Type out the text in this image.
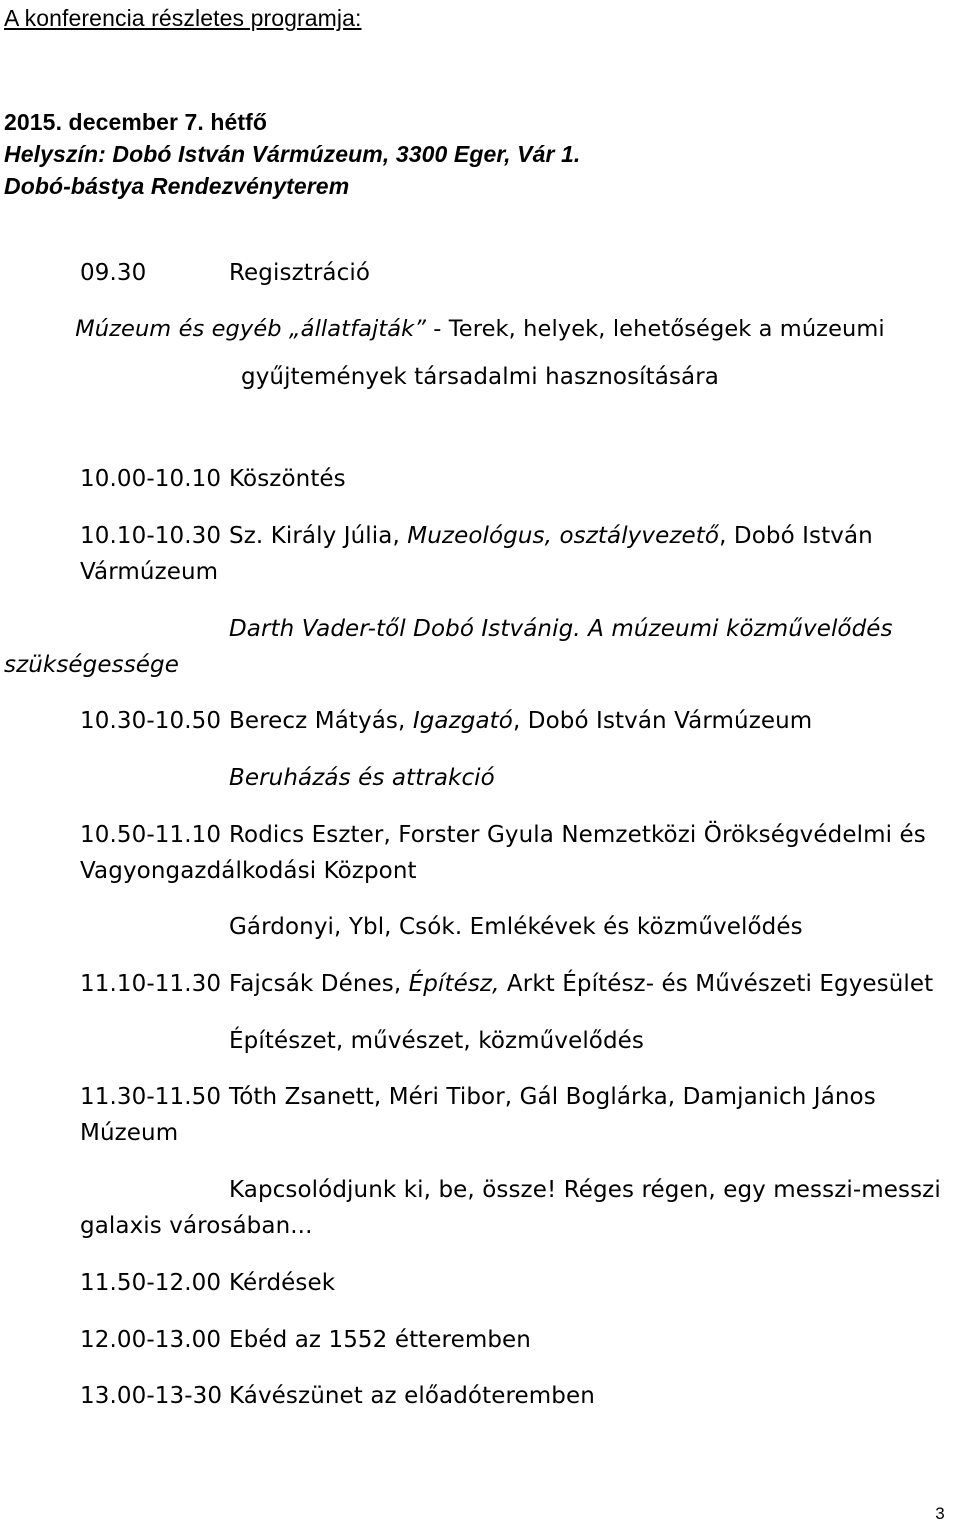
A konferencia részletes programja:
2015. december 7. hétfő
Helyszín: Dobó István Vármúzeum, 3300 Eger, Vár 1.
Dobó-bástya Rendezvényterem
09.30	Regisztráció
Múzeum és egyéb „állatfajták” - Terek, helyek, lehetőségek a múzeumi
gyűjtemények társadalmi hasznosítására
10.00-10.10 Köszöntés
10.10-10.30 Sz. Király Júlia, Muzeológus, osztályvezető, Dobó István
Vármúzeum
Darth Vader-től Dobó Istvánig. A múzeumi közművelődés
szükségessége
10.30-10.50 Berecz Mátyás, Igazgató, Dobó István Vármúzeum
Beruházás és attrakció
10.50-11.10 Rodics Eszter, Forster Gyula Nemzetközi Örökségvédelmi és
Vagyongazdálkodási Központ
Gárdonyi, Ybl, Csók. Emlékévek és közművelődés
11.10-11.30 Fajcsák Dénes, Építész, Arkt Építész- és Művészeti Egyesület
Építészet, művészet, közművelődés
11.30-11.50 Tóth Zsanett, Méri Tibor, Gál Boglárka, Damjanich János
Múzeum
Kapcsolódjunk ki, be, össze! Réges régen, egy messzi-messzi
galaxis városában...
11.50-12.00 Kérdések
12.00-13.00 Ebéd az 1552 étteremben
13.00-13-30 Kávészünet az előadóteremben
3
